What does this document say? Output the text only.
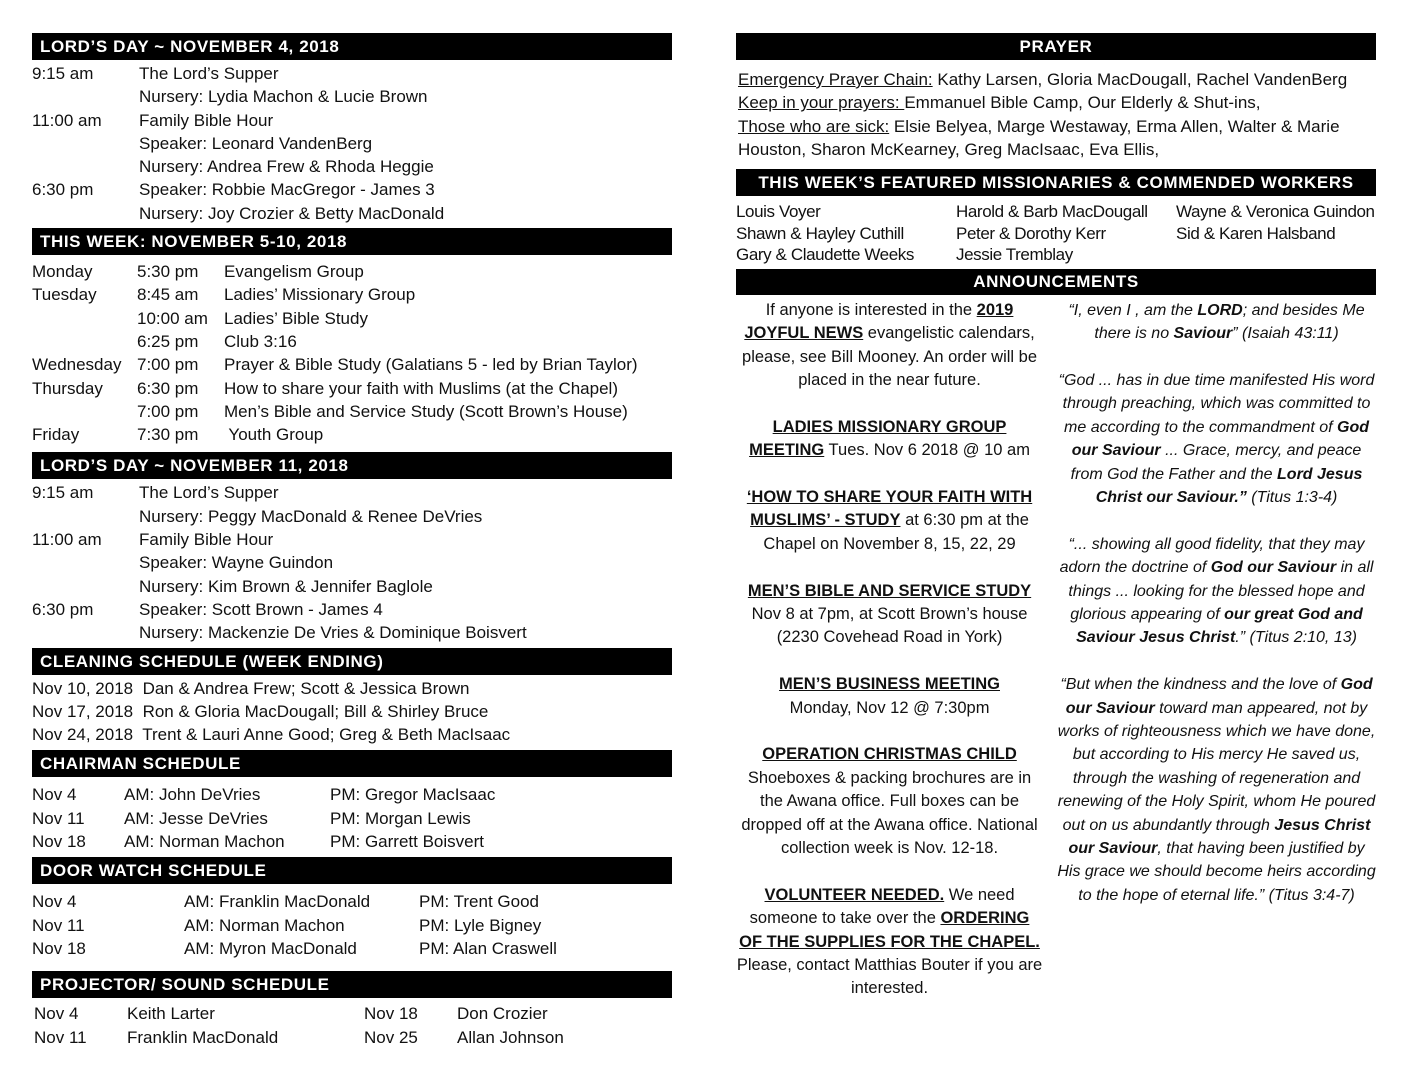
LORD’S DAY ~ NOVEMBER 4, 2018
9:15 am	The Lord’s Supper
Nursery: Lydia Machon & Lucie Brown
11:00 am	Family Bible Hour
Speaker: Leonard VandenBerg
Nursery: Andrea Frew & Rhoda Heggie
6:30 pm	Speaker: Robbie MacGregor - James 3
Nursery: Joy Crozier & Betty MacDonald
THIS WEEK: NOVEMBER 5-10, 2018
Monday	5:30 pm	Evangelism Group
Tuesday	8:45 am	Ladies’ Missionary Group
10:00 am Ladies’ Bible Study
6:25 pm	Club 3:16
Wednesday 7:00 pm	Prayer & Bible Study (Galatians 5 - led by Brian Taylor)
Thursday	6:30 pm	How to share your faith with Muslims (at the Chapel)
7:00 pm	Men’s Bible and Service Study (Scott Brown’s House)
Friday	7:30 pm	Youth Group
LORD’S DAY ~ NOVEMBER 11, 2018
9:15 am	The Lord’s Supper
Nursery: Peggy MacDonald & Renee DeVries
11:00 am	Family Bible Hour
Speaker: Wayne Guindon
Nursery: Kim Brown & Jennifer Baglole
6:30 pm	Speaker: Scott Brown - James 4
Nursery: Mackenzie De Vries & Dominique Boisvert
CLEANING SCHEDULE (WEEK ENDING)
Nov 10, 2018  Dan & Andrea Frew; Scott & Jessica Brown
Nov 17, 2018  Ron & Gloria MacDougall; Bill & Shirley Bruce
Nov 24, 2018  Trent & Lauri Anne Good; Greg & Beth MacIsaac
CHAIRMAN SCHEDULE
Nov 4	AM: John DeVries	PM: Gregor MacIsaac
Nov 11	AM: Jesse DeVries	PM: Morgan Lewis
Nov 18	AM: Norman Machon	PM: Garrett Boisvert
DOOR WATCH SCHEDULE
Nov 4	AM: Franklin MacDonald	PM: Trent Good
Nov 11	AM: Norman Machon	PM: Lyle Bigney
Nov 18	AM: Myron MacDonald	PM: Alan Craswell
PROJECTOR/ SOUND SCHEDULE
Nov 4	Keith Larter	Nov 18	Don Crozier
Nov 11	Franklin MacDonald	Nov 25	Allan Johnson
PRAYER

Emergency Prayer Chain: Kathy Larsen, Gloria MacDougall, Rachel VandenBerg

Keep in your prayers: Emmanuel Bible Camp, Our Elderly & Shut-ins,

Those who are sick: Elsie Belyea, Marge Westaway, Erma Allen, Walter & Marie Houston, Sharon McKearney, Greg MacIsaac, Eva Ellis,

THIS WEEK’S FEATURED MISSIONARIES & COMMENDED WORKERS
Louis Voyer	Harold & Barb MacDougall	Wayne & Veronica Guindon
Shawn & Hayley Cuthill	Peter & Dorothy Kerr	Sid & Karen Halsband
Gary & Claudette Weeks	Jessie Tremblay
ANNOUNCEMENTS

If anyone is interested in the 2019 JOYFUL NEWS evangelistic calendars, please, see Bill Mooney. An order will be placed in the near future.

LADIES MISSIONARY GROUP MEETING Tues. Nov 6 2018 @ 10 am

‘HOW TO SHARE YOUR FAITH WITH MUSLIMS’ - STUDY at 6:30 pm at the Chapel on November 8, 15, 22, 29

MEN’S BIBLE AND SERVICE STUDY
Nov 8 at 7pm, at Scott Brown’s house (2230 Covehead Road in York)

MEN’S BUSINESS MEETING
Monday, Nov 12 @ 7:30pm

OPERATION CHRISTMAS CHILD
Shoeboxes & packing brochures are in the Awana office. Full boxes can be dropped off at the Awana office. National collection week is Nov. 12-18.

VOLUNTEER NEEDED. We need someone to take over the ORDERING OF THE SUPPLIES FOR THE CHAPEL. Please, contact Matthias Bouter if you are interested.

“I, even I , am the LORD; and besides Me there is no Saviour” (Isaiah 43:11)

“God ... has in due time manifested His word through preaching, which was committed to me according to the commandment of God our Saviour ... Grace, mercy, and peace from God the Father and the Lord Jesus Christ our Saviour.” (Titus 1:3-4)

“... showing all good fidelity, that they may adorn the doctrine of God our Saviour in all things ... looking for the blessed hope and glorious appearing of our great God and Saviour Jesus Christ.” (Titus 2:10, 13)

“But when the kindness and the love of God our Saviour toward man appeared, not by works of righteousness which we have done, but according to His mercy He saved us, through the washing of regeneration and renewing of the Holy Spirit, whom He poured out on us abundantly through Jesus Christ our Saviour, that having been justified by His grace we should become heirs according to the hope of eternal life.” (Titus 3:4-7)
